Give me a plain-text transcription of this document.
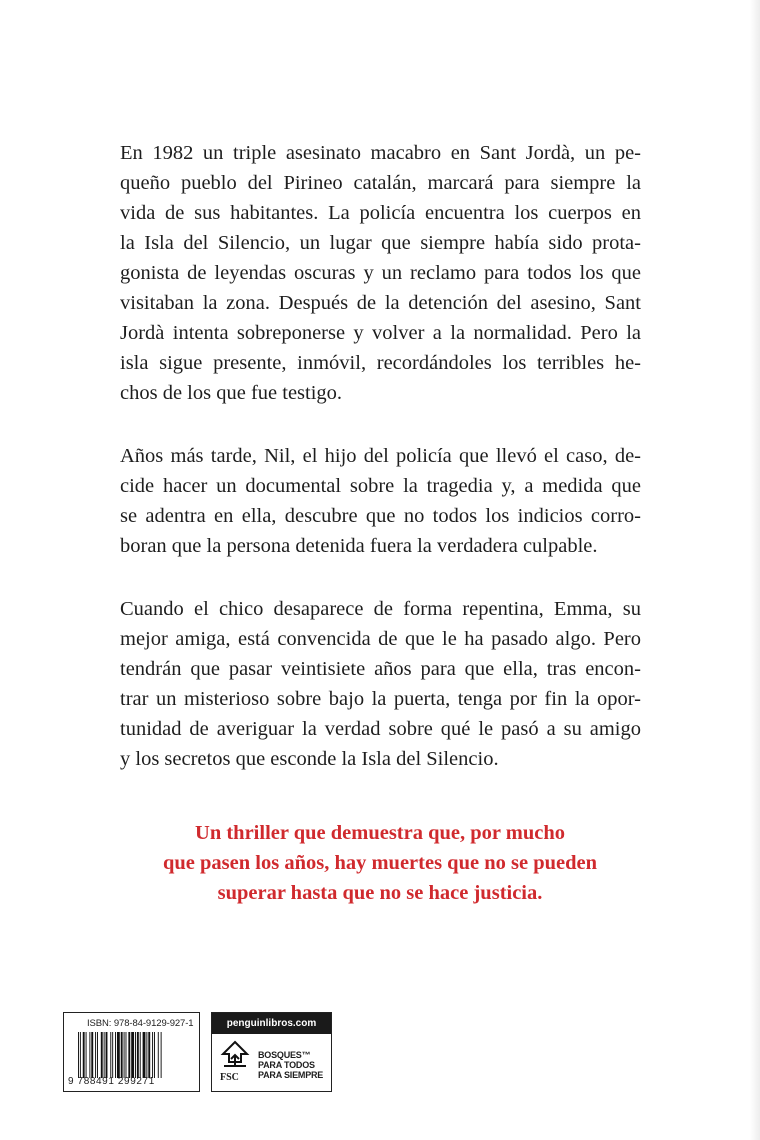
En 1982 un triple asesinato macabro en Sant Jordà, un pe-
queño pueblo del Pirineo catalán, marcará para siempre la
vida de sus habitantes. La policía encuentra los cuerpos en
la Isla del Silencio, un lugar que siempre había sido prota-
gonista de leyendas oscuras y un reclamo para todos los que
visitaban la zona. Después de la detención del asesino, Sant
Jordà intenta sobreponerse y volver a la normalidad. Pero la
isla sigue presente, inmóvil, recordándoles los terribles he-
chos de los que fue testigo.

Años más tarde, Nil, el hijo del policía que llevó el caso, de-
cide hacer un documental sobre la tragedia y, a medida que
se adentra en ella, descubre que no todos los indicios corro-
boran que la persona detenida fuera la verdadera culpable.

Cuando el chico desaparece de forma repentina, Emma, su
mejor amiga, está convencida de que le ha pasado algo. Pero
tendrán que pasar veintisiete años para que ella, tras encon-
trar un misterioso sobre bajo la puerta, tenga por fin la opor-
tunidad de averiguar la verdad sobre qué le pasó a su amigo
y los secretos que esconde la Isla del Silencio.

Un thriller que demuestra que, por mucho
que pasen los años, hay muertes que no se pueden
superar hasta que no se hace justicia.
ISBN: 978-84-9129-927-1
9 788491 299271
penguinlibros.com
FSC
BOSQUES™
PARA TODOS
PARA SIEMPRE
